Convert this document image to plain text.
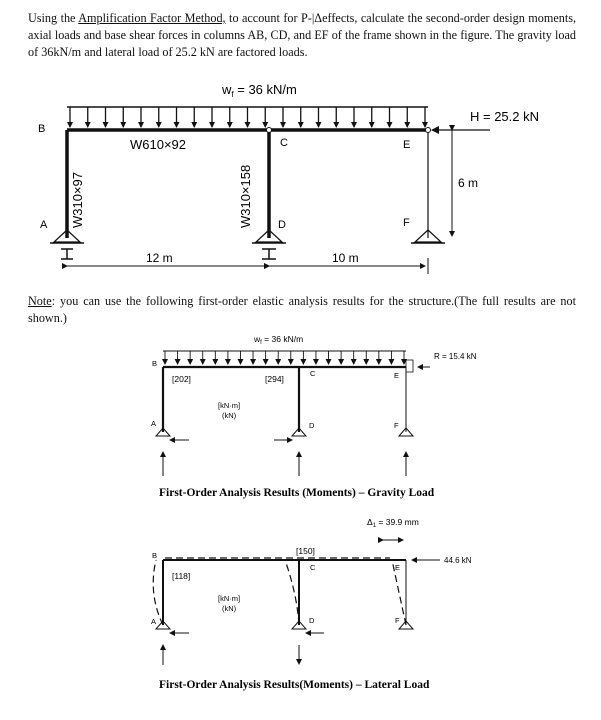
Using the Amplification Factor Method, to account for P-|Δeffects, calculate the second-order design moments, axial loads and base shear forces in columns AB, CD, and EF of the frame shown in the figure. The gravity load of 36kN/m and lateral load of 25.2 kN are factored loads.
Note: you can use the following first-order elastic analysis results for the structure.(The full results are not shown.)
$w_f = 36$ kN/m
B
A
C
D
E
F
W610×92
W310×97	W310×158
12 m	10 m
H = 25.2 kN
6 m
$w_f = 36$ kN/m
B
A
C
D
E
F
[202]	[294]
[kN·m]
(kN)
R = 15.4 kN
First-Order Analysis Results (Moments) – Gravity Load
$\Delta_1 = 39.9$ mm
B
A
C
D
E
F
[118]
[150]
[kN·m]
(kN)
44.6 kN
First-Order Analysis Results(Moments) – Lateral Load
